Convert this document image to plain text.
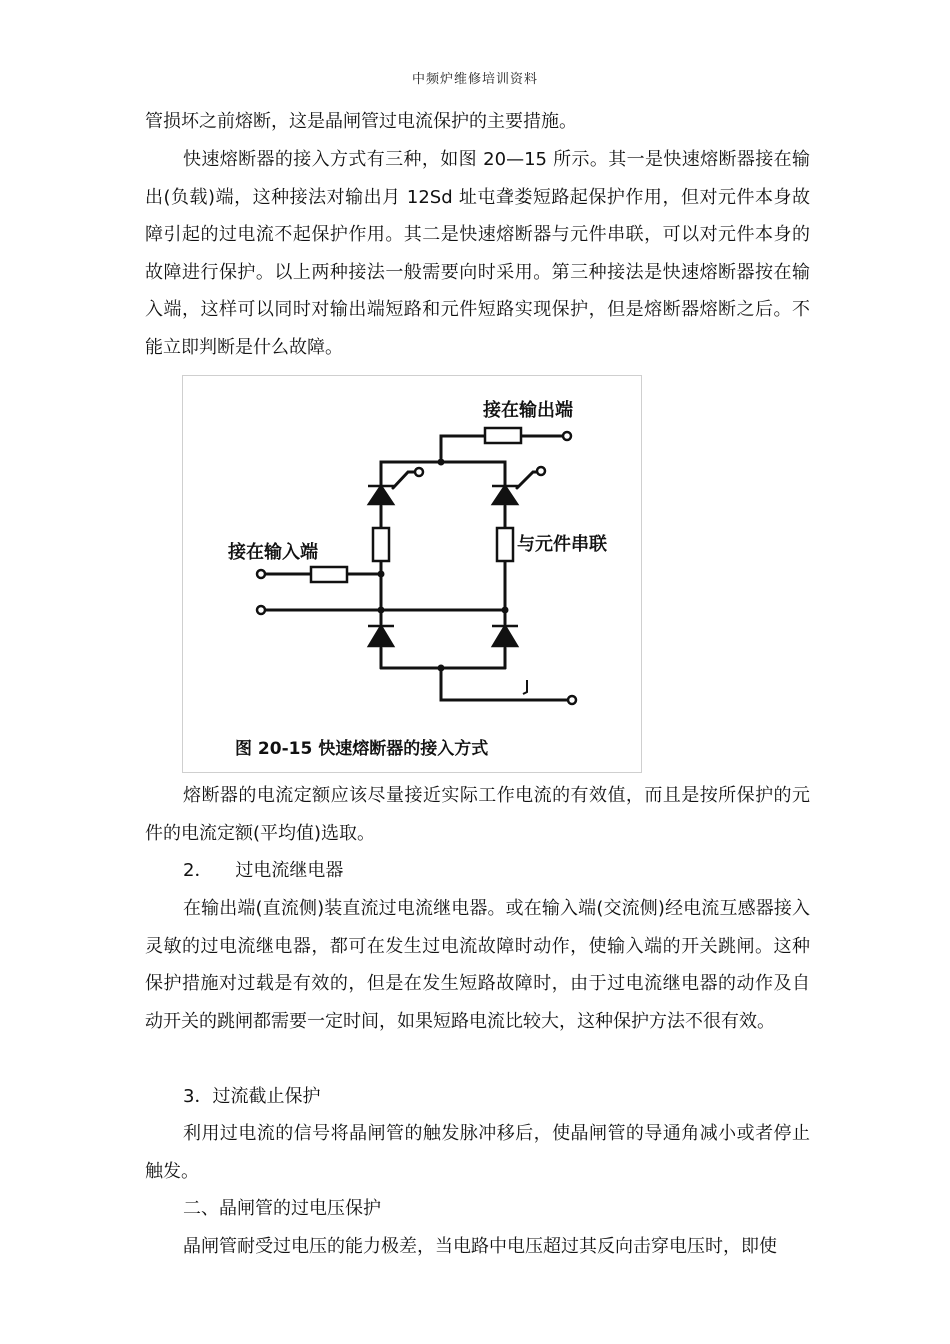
中频炉维修培训资料

管损坏之前熔断，这是晶闸管过电流保护的主要措施。

快速熔断器的接入方式有三种，如图 20—15 所示。其一是快速熔断器接在输出(负载)端，这种接法对输出月 12Sd 址屯聋娄短路起保护作用，但对元件本身故障引起的过电流不起保护作用。其二是快速熔断器与元件串联，可以对元件本身的故障进行保护。以上两种接法一般需要向时采用。第三种接法是快速熔断器按在输入端，这样可以同时对输出端短路和元件短路实现保护，但是熔断器熔断之后。不能立即判断是什么故障。

接在输出端
接在输入端	与元件串联
图 20-15 快速熔断器的接入方式

熔断器的电流定额应该尽量接近实际工作电流的有效值，而且是按所保护的元件的电流定额(平均值)选取。

2．    过电流继电器

在输出端(直流侧)装直流过电流继电器。或在输入端(交流侧)经电流互感器接入灵敏的过电流继电器，都可在发生过电流故障时动作，使输入端的开关跳闸。这种保护措施对过载是有效的，但是在发生短路故障时，由于过电流继电器的动作及自动开关的跳闸都需要一定时间，如果短路电流比较大，这种保护方法不很有效。

3．过流截止保护

利用过电流的信号将晶闸管的触发脉冲移后，使晶闸管的导通角减小或者停止触发。

二、晶闸管的过电压保护

晶闸管耐受过电压的能力极差，当电路中电压超过其反向击穿电压时，即使
